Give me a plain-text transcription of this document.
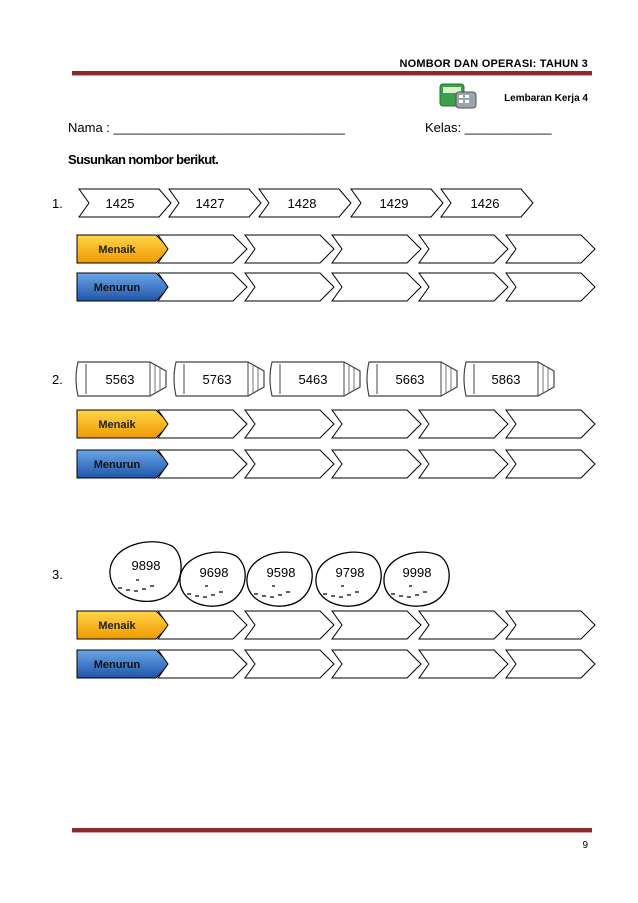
NOMBOR DAN OPERASI: TAHUN 3
Lembaran Kerja 4
Nama : ________________________________	Kelas: ____________
Susunkan nombor berikut.
1.	1425	1427	1428	1429	1426
2.	5563	5763	5463	5663	5863
3.
9898	9698	9598	9798	9998
Menaik
Menurun
Menaik
Menurun
Menaik
Menurun
9
